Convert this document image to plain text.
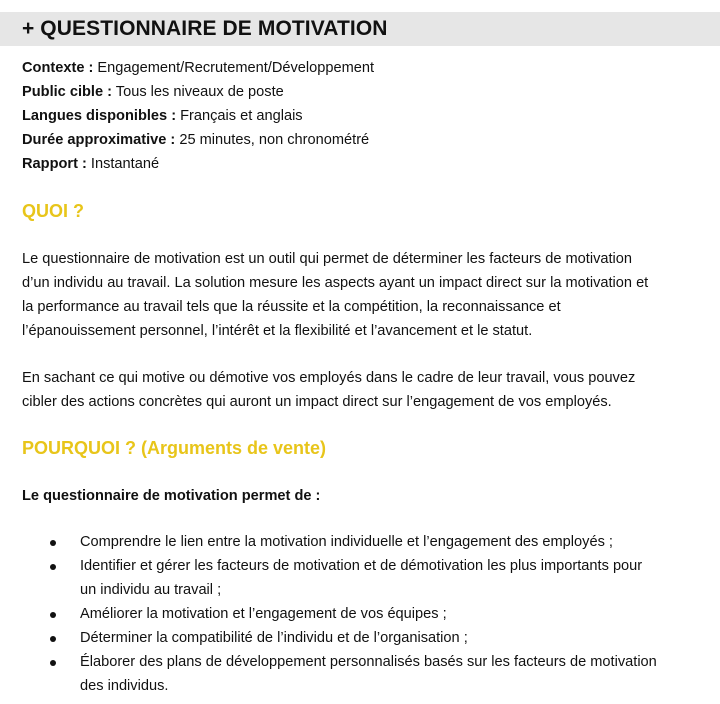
+ QUESTIONNAIRE DE MOTIVATION
Contexte : Engagement/Recrutement/Développement
Public cible : Tous les niveaux de poste
Langues disponibles : Français et anglais
Durée approximative : 25 minutes, non chronométré
Rapport : Instantané
QUOI ?
Le questionnaire de motivation est un outil qui permet de déterminer les facteurs de motivation
d’un individu au travail. La solution mesure les aspects ayant un impact direct sur la motivation et
la performance au travail tels que la réussite et la compétition, la reconnaissance et
l’épanouissement personnel, l’intérêt et la flexibilité et l’avancement et le statut.
En sachant ce qui motive ou démotive vos employés dans le cadre de leur travail, vous pouvez
cibler des actions concrètes qui auront un impact direct sur l’engagement de vos employés.
POURQUOI ? (Arguments de vente)
Le questionnaire de motivation permet de :
Comprendre le lien entre la motivation individuelle et l’engagement des employés ;
Identifier et gérer les facteurs de motivation et de démotivation les plus importants pour
un individu au travail ;
Améliorer la motivation et l’engagement de vos équipes ;
Déterminer la compatibilité de l’individu et de l’organisation ;
Élaborer des plans de développement personnalisés basés sur les facteurs de motivation
des individus.
